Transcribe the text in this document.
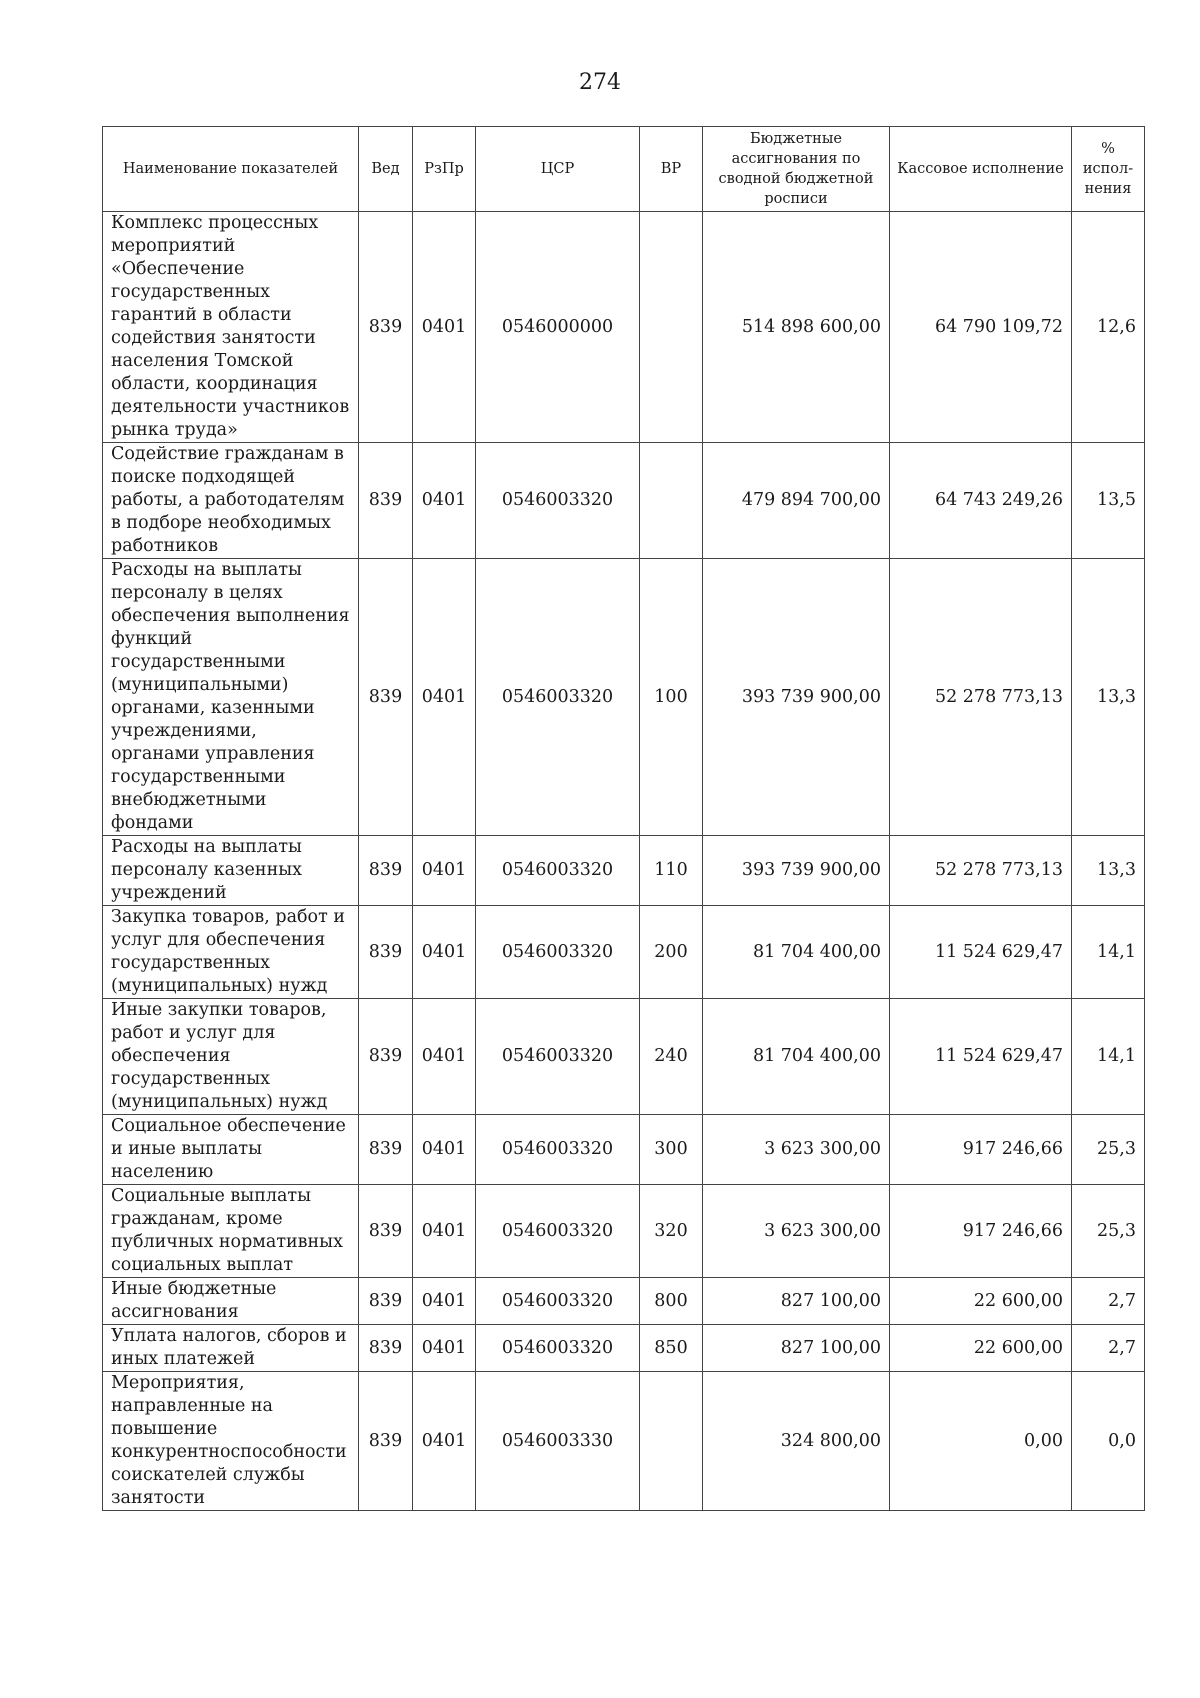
274
Наименование показателей	Вед	РзПр	ЦСР	ВР	Бюджетные ассигнования по сводной бюджетной росписи	Кассовое исполнение	% испол-нения
Комплекс процессных мероприятий «Обеспечение государственных гарантий в области содействия занятости населения Томской области, координация деятельности участников рынка труда»	839	0401	0546000000		514 898 600,00	64 790 109,72	12,6
Содействие гражданам в поиске подходящей работы, а работодателям в подборе необходимых работников	839	0401	0546003320		479 894 700,00	64 743 249,26	13,5
Расходы на выплаты персоналу в целях обеспечения выполнения функций государственными (муниципальными) органами, казенными учреждениями, органами управления государственными внебюджетными фондами	839	0401	0546003320	100	393 739 900,00	52 278 773,13	13,3
Расходы на выплаты персоналу казенных учреждений	839	0401	0546003320	110	393 739 900,00	52 278 773,13	13,3
Закупка товаров, работ и услуг для обеспечения государственных (муниципальных) нужд	839	0401	0546003320	200	81 704 400,00	11 524 629,47	14,1
Иные закупки товаров, работ и услуг для обеспечения государственных (муниципальных) нужд	839	0401	0546003320	240	81 704 400,00	11 524 629,47	14,1
Социальное обеспечение и иные выплаты населению	839	0401	0546003320	300	3 623 300,00	917 246,66	25,3
Социальные выплаты гражданам, кроме публичных нормативных социальных выплат	839	0401	0546003320	320	3 623 300,00	917 246,66	25,3
Иные бюджетные ассигнования	839	0401	0546003320	800	827 100,00	22 600,00	2,7
Уплата налогов, сборов и иных платежей	839	0401	0546003320	850	827 100,00	22 600,00	2,7
Мероприятия, направленные на повышение конкурентноспособности соискателей службы занятости	839	0401	0546003330		324 800,00	0,00	0,0
